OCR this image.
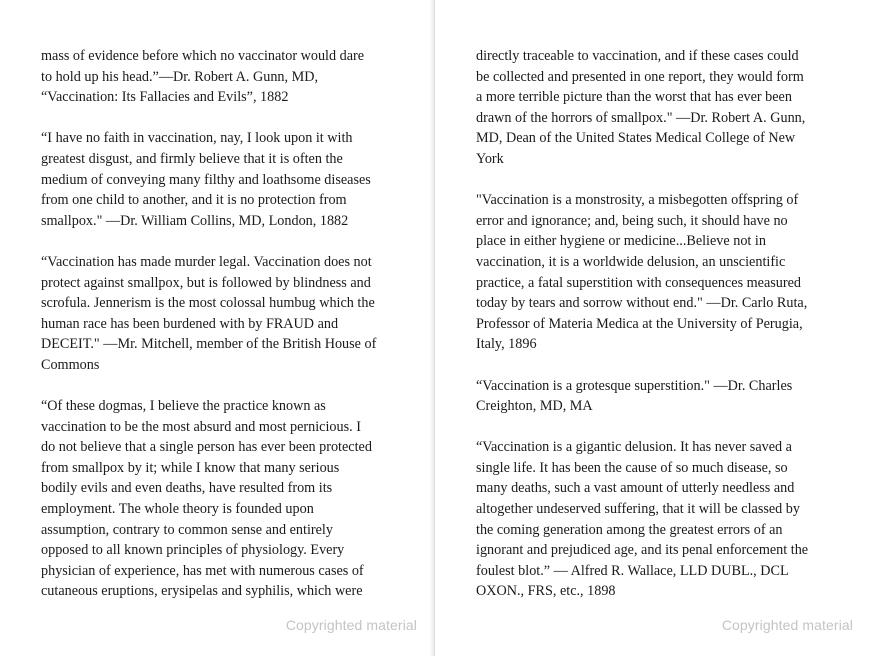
mass of evidence before which no vaccinator would dare
to hold up his head.”—Dr. Robert A. Gunn, MD,
“Vaccination: Its Fallacies and Evils”, 1882
“I have no faith in vaccination, nay, I look upon it with
greatest disgust, and firmly believe that it is often the
medium of conveying many filthy and loathsome diseases
from one child to another, and it is no protection from
smallpox." —Dr. William Collins, MD, London, 1882
“Vaccination has made murder legal. Vaccination does not
protect against smallpox, but is followed by blindness and
scrofula. Jennerism is the most colossal humbug which the
human race has been burdened with by FRAUD and
DECEIT." —Mr. Mitchell, member of the British House of
Commons
“Of these dogmas, I believe the practice known as
vaccination to be the most absurd and most pernicious. I
do not believe that a single person has ever been protected
from smallpox by it; while I know that many serious
bodily evils and even deaths, have resulted from its
employment. The whole theory is founded upon
assumption, contrary to common sense and entirely
opposed to all known principles of physiology. Every
physician of experience, has met with numerous cases of
cutaneous eruptions, erysipelas and syphilis, which were
Copyrighted material
directly traceable to vaccination, and if these cases could
be collected and presented in one report, they would form
a more terrible picture than the worst that has ever been
drawn of the horrors of smallpox." —Dr. Robert A. Gunn,
MD, Dean of the United States Medical College of New
York
"Vaccination is a monstrosity, a misbegotten offspring of
error and ignorance; and, being such, it should have no
place in either hygiene or medicine...Believe not in
vaccination, it is a worldwide delusion, an unscientific
practice, a fatal superstition with consequences measured
today by tears and sorrow without end." —Dr. Carlo Ruta,
Professor of Materia Medica at the University of Perugia,
Italy, 1896
“Vaccination is a grotesque superstition." —Dr. Charles
Creighton, MD, MA
“Vaccination is a gigantic delusion. It has never saved a
single life. It has been the cause of so much disease, so
many deaths, such a vast amount of utterly needless and
altogether undeserved suffering, that it will be classed by
the coming generation among the greatest errors of an
ignorant and prejudiced age, and its penal enforcement the
foulest blot.” — Alfred R. Wallace, LLD DUBL., DCL
OXON., FRS, etc., 1898
Copyrighted material
